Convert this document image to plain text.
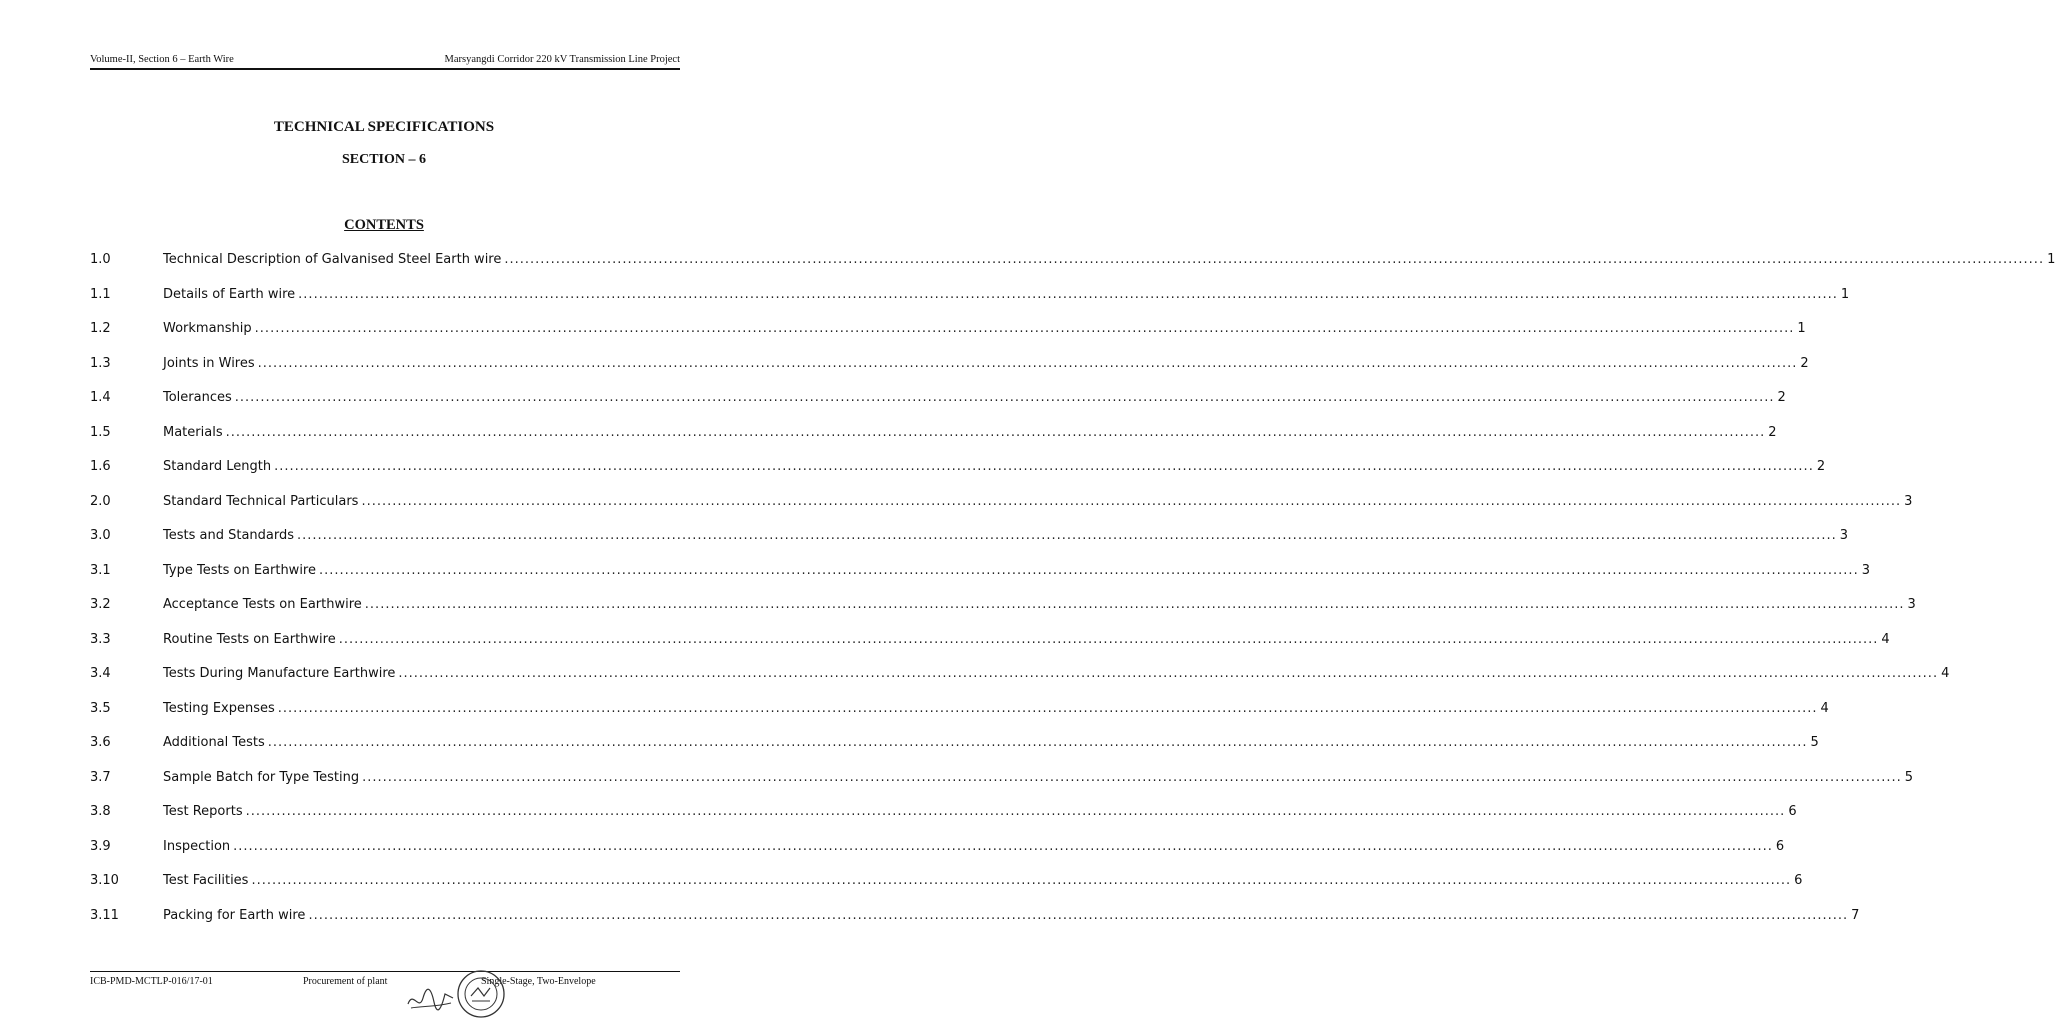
Volume-II, Section 6 – Earth Wire	Marsyangdi Corridor 220 kV Transmission Line Project
TECHNICAL SPECIFICATIONS
SECTION – 6
CONTENTS
1.0	Technical Description of Galvanised Steel Earth wire ............................................................................................................................................................................................................................................................................................................ 1
1.1	Details of Earth wire ............................................................................................................................................................................................................................................................................................................ 1
1.2	Workmanship ............................................................................................................................................................................................................................................................................................................ 1
1.3	Joints in Wires ............................................................................................................................................................................................................................................................................................................ 2
1.4	Tolerances ............................................................................................................................................................................................................................................................................................................ 2
1.5	Materials ............................................................................................................................................................................................................................................................................................................ 2
1.6	Standard Length ............................................................................................................................................................................................................................................................................................................ 2
2.0	Standard Technical Particulars ............................................................................................................................................................................................................................................................................................................ 3
3.0	Tests and Standards ............................................................................................................................................................................................................................................................................................................ 3
3.1	Type Tests on Earthwire ............................................................................................................................................................................................................................................................................................................ 3
3.2	Acceptance Tests on Earthwire ............................................................................................................................................................................................................................................................................................................ 3
3.3	Routine Tests on Earthwire ............................................................................................................................................................................................................................................................................................................ 4
3.4	Tests During Manufacture Earthwire ............................................................................................................................................................................................................................................................................................................ 4
3.5	Testing Expenses ............................................................................................................................................................................................................................................................................................................ 4
3.6	Additional Tests ............................................................................................................................................................................................................................................................................................................ 5
3.7	Sample Batch for Type Testing ............................................................................................................................................................................................................................................................................................................ 5
3.8	Test Reports ............................................................................................................................................................................................................................................................................................................ 6
3.9	Inspection ............................................................................................................................................................................................................................................................................................................ 6
3.10	Test Facilities ............................................................................................................................................................................................................................................................................................................ 6
3.11	Packing for Earth wire ............................................................................................................................................................................................................................................................................................................ 7
ICB-PMD-MCTLP-016/17-01	Procurement of plant	Single-Stage, Two-Envelope
